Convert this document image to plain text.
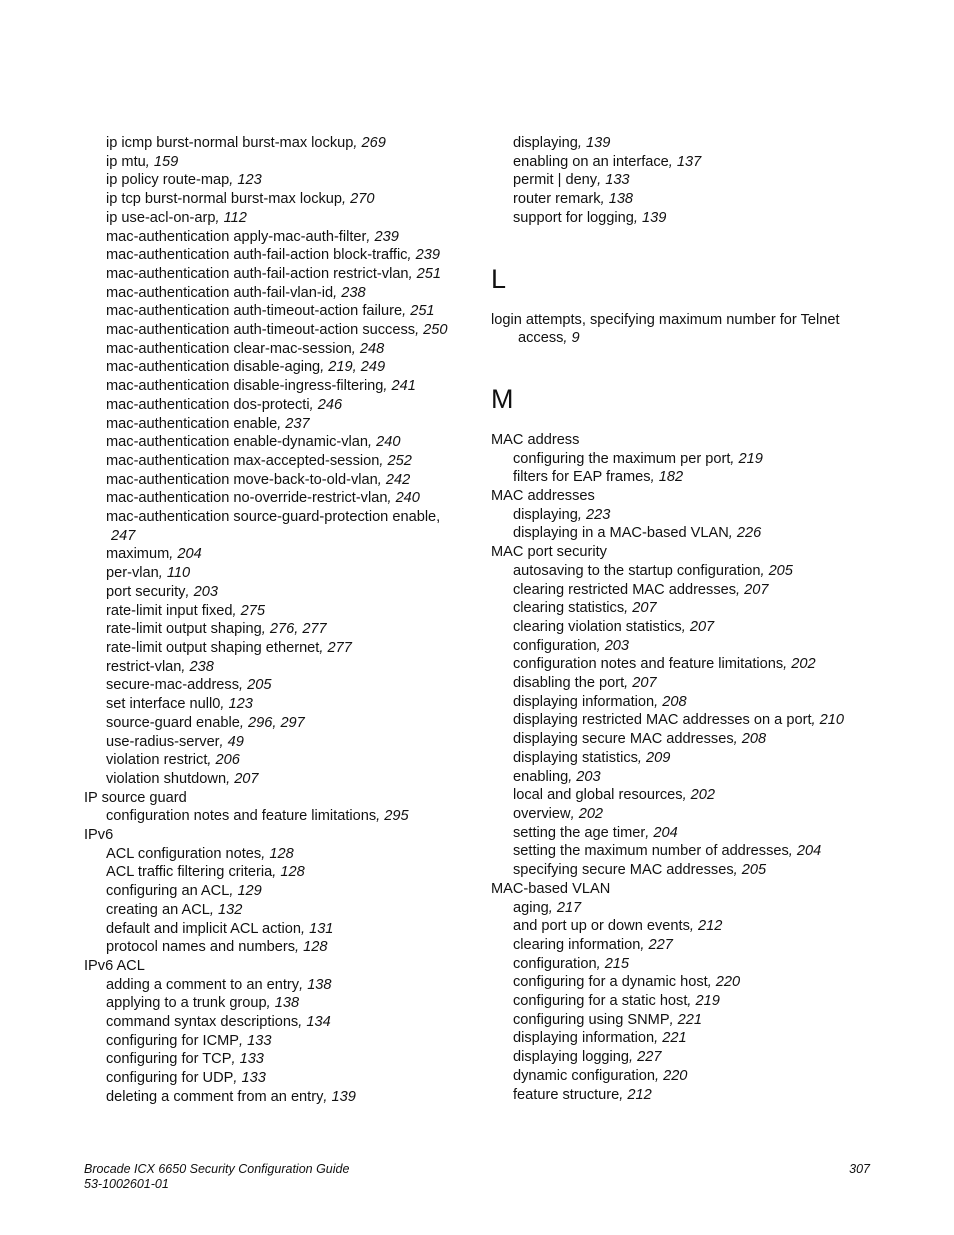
ip icmp burst-normal burst-max lockup, 269
ip mtu, 159
ip policy route-map, 123
ip tcp burst-normal burst-max lockup, 270
ip use-acl-on-arp, 112
mac-authentication apply-mac-auth-filter, 239
mac-authentication auth-fail-action block-traffic, 239
mac-authentication auth-fail-action restrict-vlan, 251
mac-authentication auth-fail-vlan-id, 238
mac-authentication auth-timeout-action failure, 251
mac-authentication auth-timeout-action success, 250
mac-authentication clear-mac-session, 248
mac-authentication disable-aging, 219, 249
mac-authentication disable-ingress-filtering, 241
mac-authentication dos-protecti, 246
mac-authentication enable, 237
mac-authentication enable-dynamic-vlan, 240
mac-authentication max-accepted-session, 252
mac-authentication move-back-to-old-vlan, 242
mac-authentication no-override-restrict-vlan, 240
mac-authentication source-guard-protection enable,
247
maximum, 204
per-vlan, 110
port security, 203
rate-limit input fixed, 275
rate-limit output shaping, 276, 277
rate-limit output shaping ethernet, 277
restrict-vlan, 238
secure-mac-address, 205
set interface null0, 123
source-guard enable, 296, 297
use-radius-server, 49
violation restrict, 206
violation shutdown, 207
IP source guard
configuration notes and feature limitations, 295
IPv6
ACL configuration notes, 128
ACL traffic filtering criteria, 128
configuring an ACL, 129
creating an ACL, 132
default and implicit ACL action, 131
protocol names and numbers, 128
IPv6 ACL
adding a comment to an entry, 138
applying to a trunk group, 138
command syntax descriptions, 134
configuring for ICMP, 133
configuring for TCP, 133
configuring for UDP, 133
deleting a comment from an entry, 139
displaying, 139
enabling on an interface, 137
permit | deny, 133
router remark, 138
support for logging, 139
L
login attempts, specifying maximum number for Telnet
access, 9
M
MAC address
configuring the maximum per port, 219
filters for EAP frames, 182
MAC addresses
displaying, 223
displaying in a MAC-based VLAN, 226
MAC port security
autosaving to the startup configuration, 205
clearing restricted MAC addresses, 207
clearing statistics, 207
clearing violation statistics, 207
configuration, 203
configuration notes and feature limitations, 202
disabling the port, 207
displaying information, 208
displaying restricted MAC addresses on a port, 210
displaying secure MAC addresses, 208
displaying statistics, 209
enabling, 203
local and global resources, 202
overview, 202
setting the age timer, 204
setting the maximum number of addresses, 204
specifying secure MAC addresses, 205
MAC-based VLAN
aging, 217
and port up or down events, 212
clearing information, 227
configuration, 215
configuring for a dynamic host, 220
configuring for a static host, 219
configuring using SNMP, 221
displaying information, 221
displaying logging, 227
dynamic configuration, 220
feature structure, 212
Brocade ICX 6650 Security Configuration Guide
53-1002601-01
307
